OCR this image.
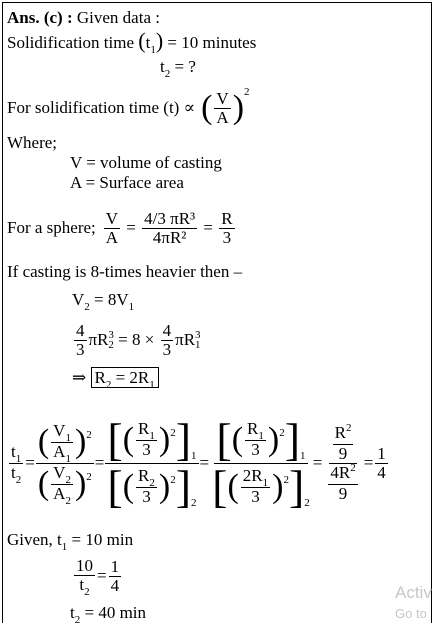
Ans. (c) : Given data :
Solidification time $(t_1) = 10$ minutes
$t_2$ = ?
For solidification time (t) ∝ ( $\frac{V}{A}$ ) 2
Where;
V = volume of casting
A = Surface area
For a sphere; $\frac{V}{A} = \frac{\text{4/3 πR³}}{\text{4πR²}} = \frac{R}{3}$
If casting is 8-times heavier then –
$V_2 = 8V_1$
$\frac{4}{3}$ πR 3
$2 = 8 \times \frac{4}{3}$ πR 3
1
⇒ $R_2 = 2R_1$
$\frac{t_1}{t_2} = \frac{( \frac{V_1}{A_1} ) 2}{( \frac{V_2}{A_2} ) 2} = \frac{[ ( \frac{R_1}{3} ) 2 ] 1}{[ ( \frac{R_2}{3} ) 2 ] 2} = \frac{[ ( \frac{R_1}{3} ) 2 ] 1}{[ ( \frac{2R_1}{3} ) 2 ] 2} = \frac{\frac{R^2}{9}}{\frac{4R^2}{9}} = \frac{1}{4}$
Given, $t_1 = 10$ min
$\frac{10}{t_2} = \frac{1}{4}$
$t_2 = 40$ min
Activ
Go to
